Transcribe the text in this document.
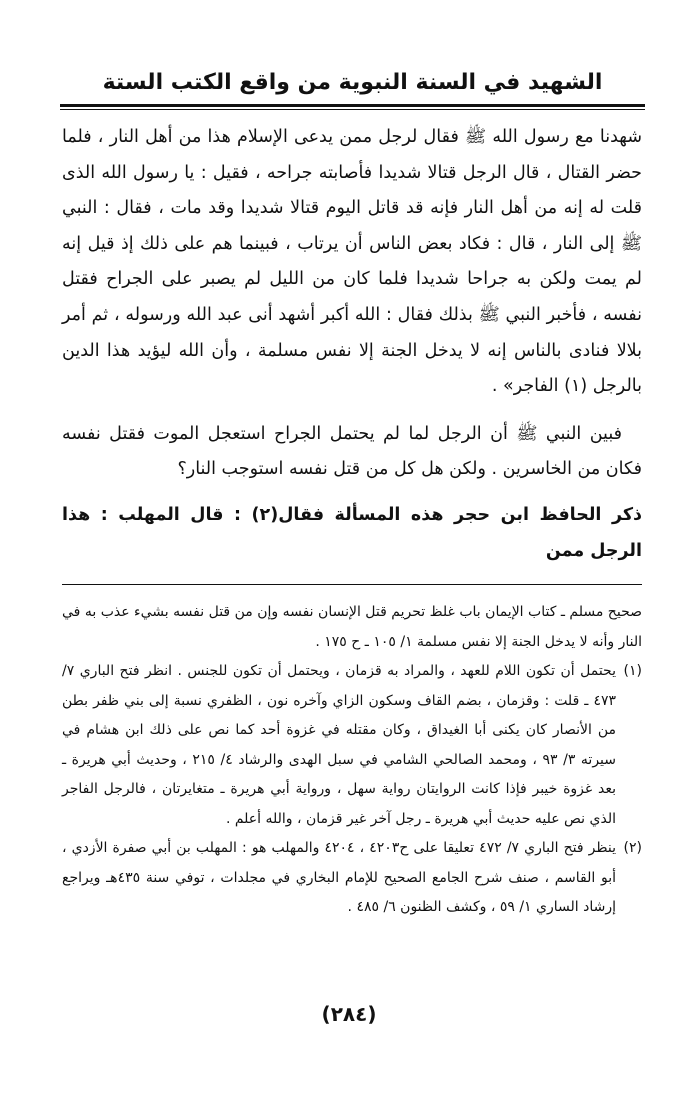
الشهيد في السنة النبوية من واقع الكتب الستة

شهدنا مع رسول الله ﷺ فقال لرجل ممن يدعى الإسلام هذا من أهل النار ، فلما حضر القتال ، قال الرجل قتالا شديدا فأصابته جراحه ، فقيل : يا رسول الله الذى قلت له إنه من أهل النار فإنه قد قاتل اليوم قتالا شديدا وقد مات ، فقال : النبي ﷺ إلى النار ، قال : فكاد بعض الناس أن يرتاب ، فبينما هم على ذلك إذ قيل إنه لم يمت ولكن به جراحا شديدا فلما كان من الليل لم يصبر على الجراح فقتل نفسه ، فأخبر النبي ﷺ بذلك فقال : الله أكبر أشهد أنى عبد الله ورسوله ، ثم أمر بلالا فنادى بالناس إنه لا يدخل الجنة إلا نفس مسلمة ، وأن الله ليؤيد هذا الدين بالرجل (١) الفاجر» .

فبين النبي ﷺ أن الرجل لما لم يحتمل الجراح استعجل الموت فقتل نفسه فكان من الخاسرين . ولكن هل كل من قتل نفسه استوجب النار؟

ذكر الحافظ ابن حجر هذه المسألة فقال(٢) : قال المهلب : هذا الرجل ممن

صحيح مسلم ـ كتاب الإيمان باب غلظ تحريم قتل الإنسان نفسه وإن من قتل نفسه بشيء عذب به في النار وأنه لا يدخل الجنة إلا نفس مسلمة ١/ ١٠٥ ـ ح ١٧٥ .

(١)
يحتمل أن تكون اللام للعهد ، والمراد به قزمان ، ويحتمل أن تكون للجنس . انظر فتح الباري ٧/ ٤٧٣ ـ قلت : وقزمان ، بضم القاف وسكون الزاي وآخره نون ، الظفري نسبة إلى بني ظفر بطن من الأنصار كان يكنى أبا الغيداق ، وكان مقتله في غزوة أحد كما نص على ذلك ابن هشام في سيرته ٣/ ٩٣ ، ومحمد الصالحي الشامي في سبل الهدى والرشاد ٤/ ٢١٥ ، وحديث أبي هريرة ـ بعد غزوة خيبر فإذا كانت الروايتان رواية سهل ، ورواية أبي هريرة ـ متغايرتان ، فالرجل الفاجر الذي نص عليه حديث أبي هريرة ـ رجل آخر غير قزمان ، والله أعلم .
(٢)
ينظر فتح الباري ٧/ ٤٧٢ تعليقا على ح٤٢٠٣ ، ٤٢٠٤ والمهلب هو : المهلب بن أبي صفرة الأزدي ، أبو القاسم ، صنف شرح الجامع الصحيح للإمام البخاري في مجلدات ، توفي سنة ٤٣٥هـ ويراجع إرشاد الساري ١/ ٥٩ ، وكشف الظنون ٦/ ٤٨٥ .
(٢٨٤)
